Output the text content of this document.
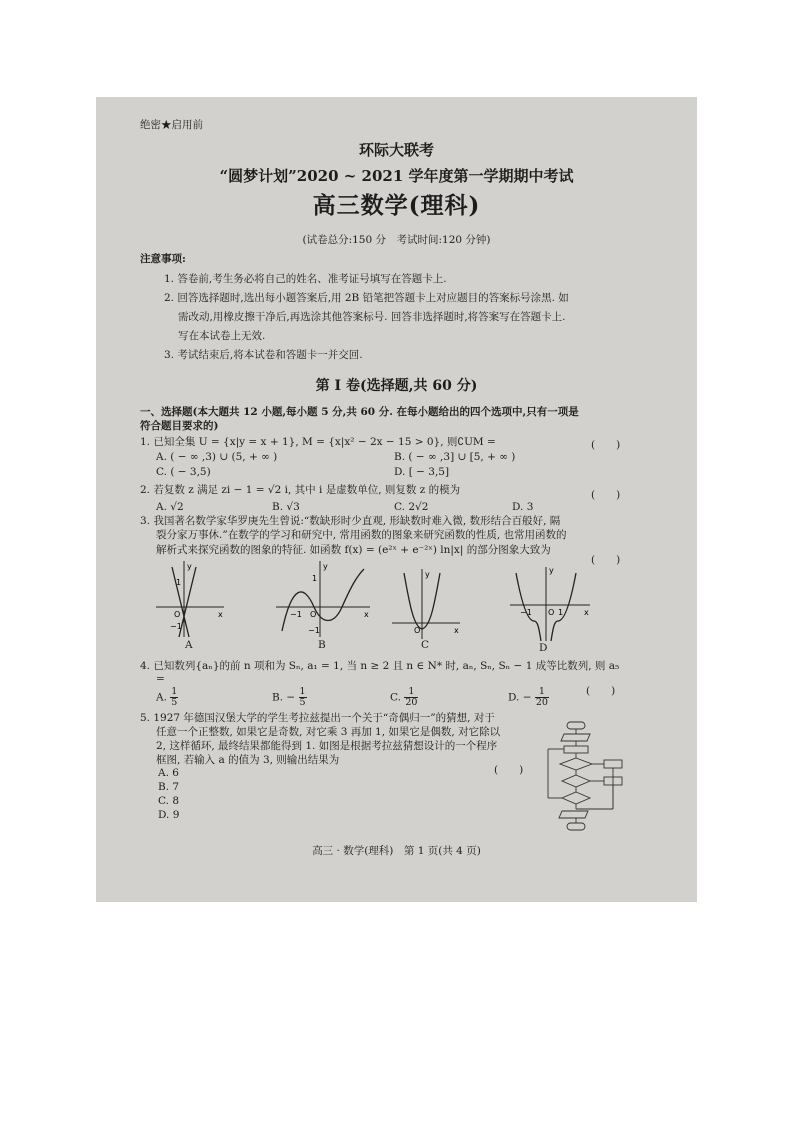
绝密★启用前
环际大联考
“圆梦计划”2020 ~ 2021 学年度第一学期期中考试
高三数学(理科)
(试卷总分:150 分　考试时间:120 分钟)
注意事项:
1. 答卷前,考生务必将自己的姓名、准考证号填写在答题卡上.
2. 回答选择题时,选出每小题答案后,用 2B 铅笔把答题卡上对应题目的答案标号涂黑. 如
需改动,用橡皮擦干净后,再选涂其他答案标号. 回答非选择题时,将答案写在答题卡上.
写在本试卷上无效.
3. 考试结束后,将本试卷和答题卡一并交回.
第 Ⅰ 卷(选择题,共 60 分)
一、选择题(本大题共 12 小题,每小题 5 分,共 60 分. 在每小题给出的四个选项中,只有一项是
符合题目要求的)
1. 已知全集 U = {x|y = x + 1}, M = {x|x² − 2x − 15 > 0}, 则∁UM =	(　　)
A. ( − ∞ ,3) ∪ (5, + ∞ )	B. ( − ∞ ,3] ∪ [5, + ∞ )
C. ( − 3,5)	D. [ − 3,5]
2. 若复数 z 满足 zi − 1 = √2 i, 其中 i 是虚数单位, 则复数 z 的模为	(　　)
A. √2	B. √3	C. 2√2	D. 3
3. 我国著名数学家华罗庚先生曾说:“数缺形时少直观, 形缺数时难入微, 数形结合百般好, 隔
裂分家万事休.”在数学的学习和研究中, 常用函数的图象来研究函数的性质, 也常用函数的
解析式来探究函数的图象的特征. 如函数 f(x) = (e²ˣ + e⁻²ˣ) ln|x| 的部分图象大致为
(　　)
y
x
O
1
−1
A
y
x
O
1
−1
−1
B
y
x
O
C
y
x
O
−1	1
D
4. 已知数列{aₙ}的前 n 项和为 Sₙ, a₁ = 1, 当 n ≥ 2 且 n ∈ N* 时, aₙ, Sₙ, Sₙ − 1 成等比数列, 则 a₅
=
(　　)
A. $\frac{1}{5}$	B. − $\frac{1}{5}$	C. $\frac{1}{20}$	D. − $\frac{1}{20}$
5. 1927 年德国汉堡大学的学生考拉兹提出一个关于“奇偶归一”的猜想, 对于
任意一个正整数, 如果它是奇数, 对它乘 3 再加 1, 如果它是偶数, 对它除以
2, 这样循环, 最终结果都能得到 1. 如图是根据考拉兹猜想设计的一个程序
框图, 若输入 a 的值为 3, 则输出结果为
(　　)
A. 6
B. 7
C. 8
D. 9
高三 · 数学(理科)　第 1 页(共 4 页)
